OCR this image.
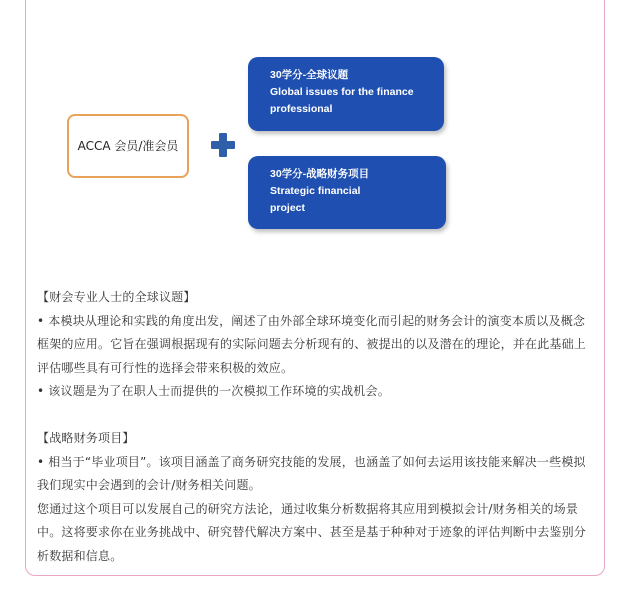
ACCA 会员/准会员
30学分-全球议题
Global issues for the finance
professional
30学分-战略财务项目
Strategic financial
project

【财会专业人士的全球议题】

• 本模块从理论和实践的角度出发，阐述了由外部全球环境变化而引起的财务会计的演变本质以及概念框架的应用。它旨在强调根据现有的实际问题去分析现有的、被提出的以及潜在的理论，并在此基础上评估哪些具有可行性的选择会带来积极的效应。

• 该议题是为了在职人士而提供的一次模拟工作环境的实战机会。

【战略财务项目】

• 相当于“毕业项目”。该项目涵盖了商务研究技能的发展，也涵盖了如何去运用该技能来解决一些模拟我们现实中会遇到的会计/财务相关问题。

您通过这个项目可以发展自己的研究方法论，通过收集分析数据将其应用到模拟会计/财务相关的场景中。这将要求你在业务挑战中、研究替代解决方案中、甚至是基于种种对于迹象的评估判断中去鉴别分析数据和信息。
